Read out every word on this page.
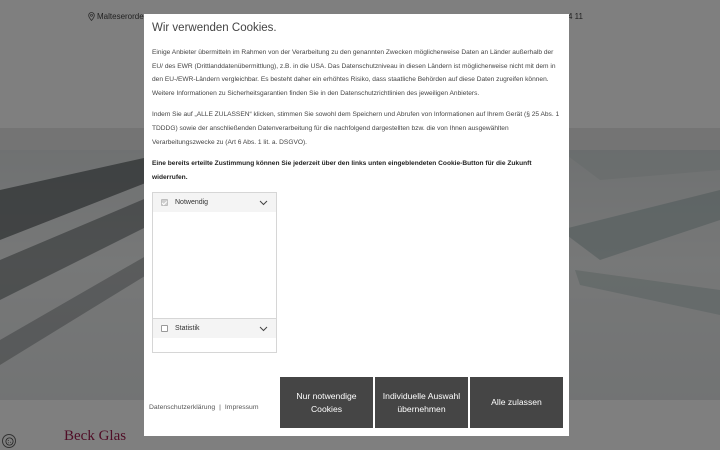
Wir verwenden Cookies.

Einige Anbieter übermitteln im Rahmen von der Verarbeitung zu den genannten Zwecken möglicherweise Daten an Länder außerhalb der EU/ des EWR (Drittlanddatenübermittlung), z.B. in die USA. Das Datenschutzniveau in diesen Ländern ist möglicherweise nicht mit dem in den EU-/EWR-Ländern vergleichbar. Es besteht daher ein erhöhtes Risiko, dass staatliche Behörden auf diese Daten zugreifen können. Weitere Informationen zu Sicherheitsgarantien finden Sie in den Datenschutzrichtlinien des jeweiligen Anbieters.

Indem Sie auf „ALLE ZULASSEN“ klicken, stimmen Sie sowohl dem Speichern und Abrufen von Informationen auf Ihrem Gerät (§ 25 Abs. 1 TDDDG) sowie der anschließenden Datenverarbeitung für die nachfolgend dargestellten bzw. die von Ihnen ausgewählten Verarbeitungszwecke zu (Art 6 Abs. 1 lit. a. DSGVO).

Eine bereits erteilte Zustimmung können Sie jederzeit über den links unten eingeblendeten Cookie-Button für die Zukunft widerrufen.

Notwendig
Statistik
Datenschutzerklärung | Impressum
Nur notwendige Cookies
Individuelle Auswahl übernehmen
Alle zulassen
